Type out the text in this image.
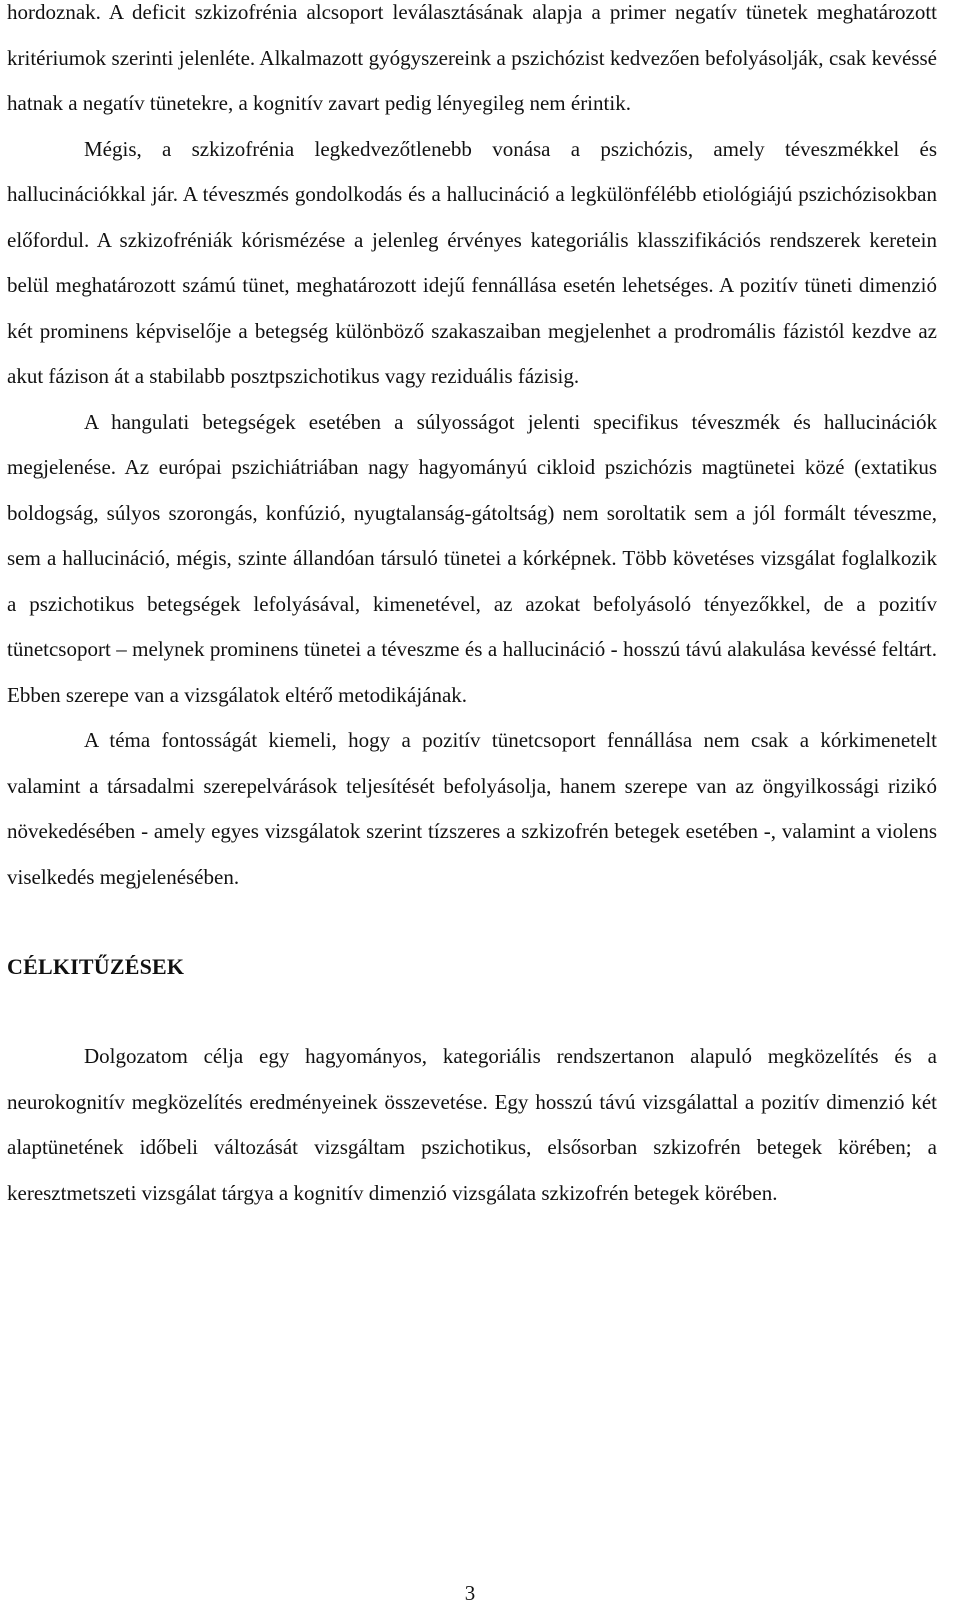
hordoznak. A deficit szkizofrénia alcsoport leválasztásának alapja a primer negatív tünetek meghatározott kritériumok szerinti jelenléte. Alkalmazott gyógyszereink a pszichózist kedvezően befolyásolják, csak kevéssé hatnak a negatív tünetekre, a kognitív zavart pedig lényegileg nem érintik.

Mégis, a szkizofrénia legkedvezőtlenebb vonása a pszichózis, amely téveszmékkel és hallucinációkkal jár. A téveszmés gondolkodás és a hallucináció a legkülönfélébb etiológiájú pszichózisokban előfordul. A szkizofréniák kórismézése a jelenleg érvényes kategoriális klasszifikációs rendszerek keretein belül meghatározott számú tünet, meghatározott idejű fennállása esetén lehetséges. A pozitív tüneti dimenzió két prominens képviselője a betegség különböző szakaszaiban megjelenhet a prodromális fázistól kezdve az akut fázison át a stabilabb posztpszichotikus vagy reziduális fázisig.

A hangulati betegségek esetében a súlyosságot jelenti specifikus téveszmék és hallucinációk megjelenése. Az európai pszichiátriában nagy hagyományú cikloid pszichózis magtünetei közé (extatikus boldogság, súlyos szorongás, konfúzió, nyugtalanság-gátoltság) nem soroltatik sem a jól formált téveszme, sem a hallucináció, mégis, szinte állandóan társuló tünetei a kórképnek. Több követéses vizsgálat foglalkozik a pszichotikus betegségek lefolyásával, kimenetével, az azokat befolyásoló tényezőkkel, de a pozitív tünetcsoport – melynek prominens tünetei a téveszme és a hallucináció - hosszú távú alakulása kevéssé feltárt. Ebben szerepe van a vizsgálatok eltérő metodikájának.

A téma fontosságát kiemeli, hogy a pozitív tünetcsoport fennállása nem csak a kórkimenetelt valamint a társadalmi szerepelvárások teljesítését befolyásolja, hanem szerepe van az öngyilkossági rizikó növekedésében - amely egyes vizsgálatok szerint tízszeres a szkizofrén betegek esetében -, valamint a violens viselkedés megjelenésében.

CÉLKITŰZÉSEK

Dolgozatom célja egy hagyományos, kategoriális rendszertanon alapuló megközelítés és a neurokognitív megközelítés eredményeinek összevetése. Egy hosszú távú vizsgálattal a pozitív dimenzió két alaptünetének időbeli változását vizsgáltam pszichotikus, elsősorban szkizofrén betegek körében; a keresztmetszeti vizsgálat tárgya a kognitív dimenzió vizsgálata szkizofrén betegek körében.

3
